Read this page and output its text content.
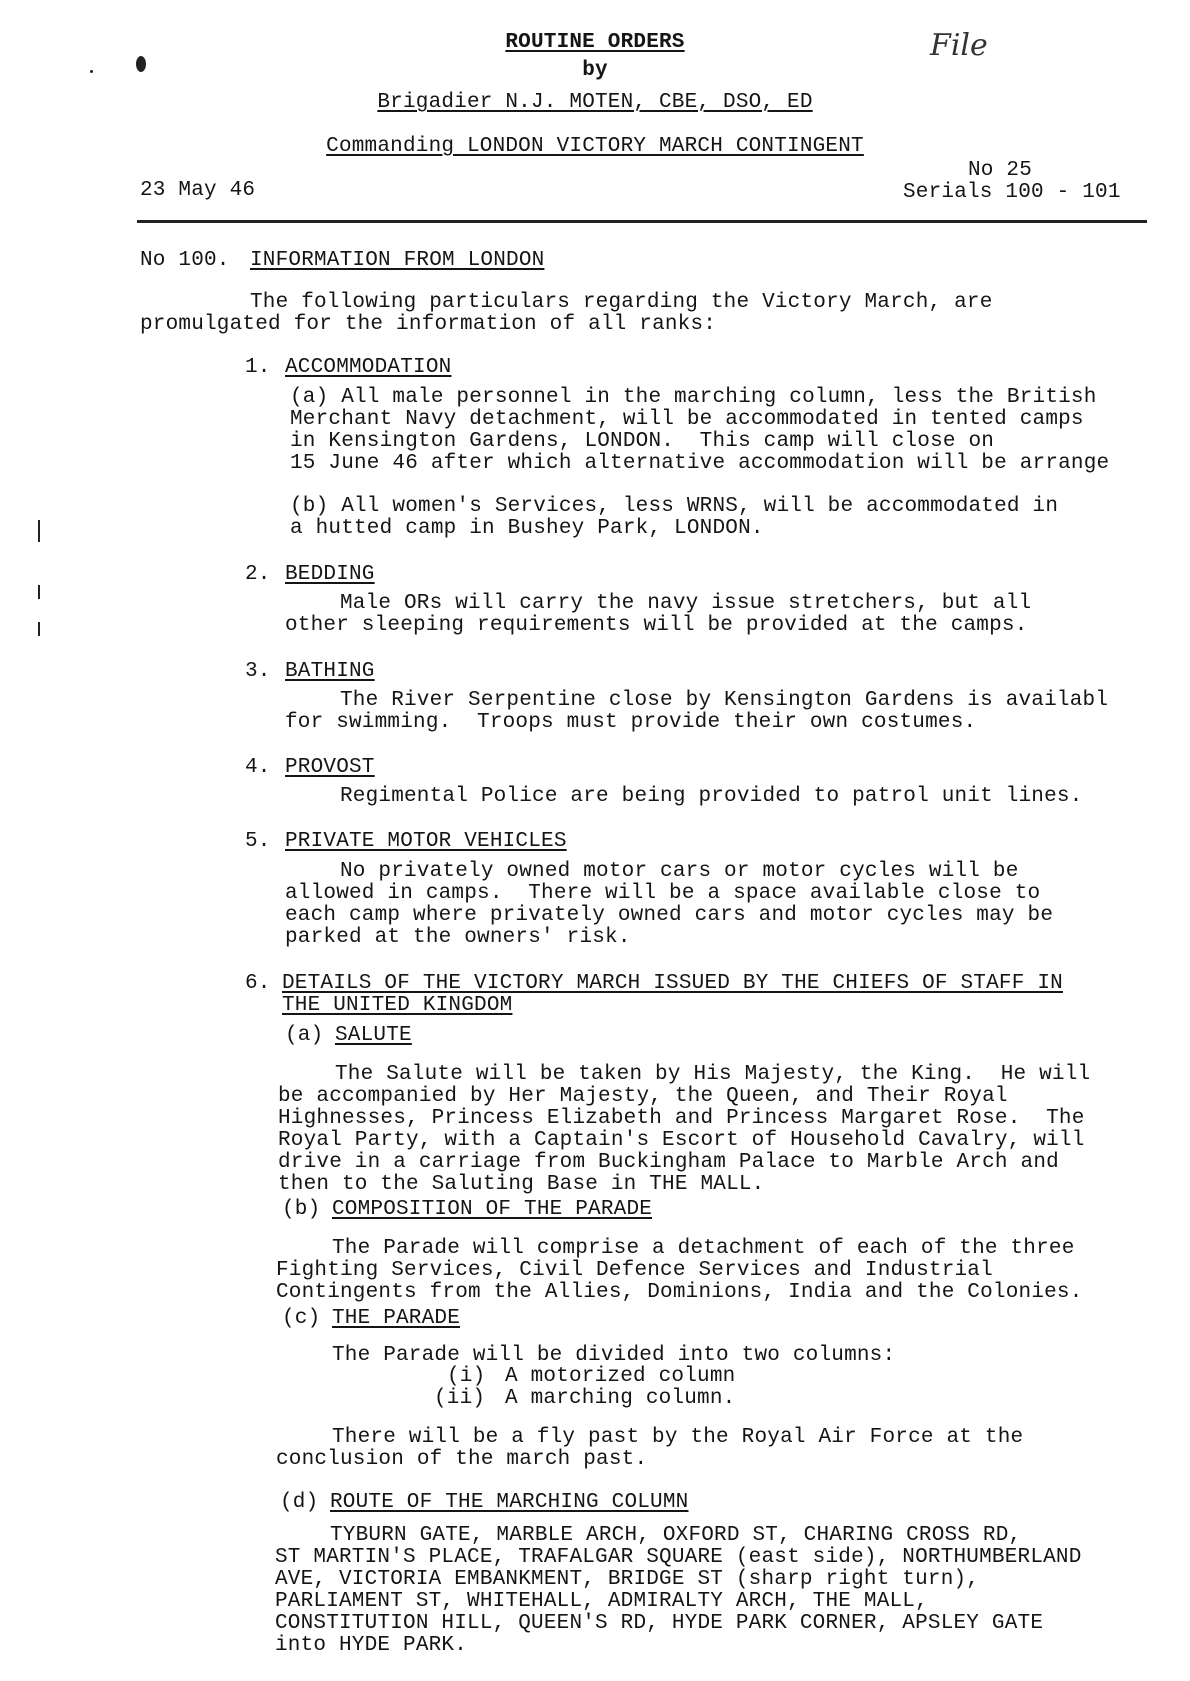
ROUTINE ORDERS
by
Brigadier N.J. MOTEN, CBE, DSO, ED
Commanding LONDON VICTORY MARCH CONTINGENT
File
23 May 46
No 25
Serials 100 - 101
No 100. INFORMATION FROM LONDON
The following particulars regarding the Victory March, are
promulgated for the information of all ranks:
1. ACCOMMODATION
(a) All male personnel in the marching column, less the British
Merchant Navy detachment, will be accommodated in tented camps
in Kensington Gardens, LONDON.  This camp will close on
15 June 46 after which alternative accommodation will be arrange
(b) All women's Services, less WRNS, will be accommodated in
a hutted camp in Bushey Park, LONDON.
2. BEDDING
Male ORs will carry the navy issue stretchers, but all
other sleeping requirements will be provided at the camps.
3. BATHING
The River Serpentine close by Kensington Gardens is availabl
for swimming.  Troops must provide their own costumes.
4. PROVOST
Regimental Police are being provided to patrol unit lines.
5. PRIVATE MOTOR VEHICLES
No privately owned motor cars or motor cycles will be
allowed in camps.  There will be a space available close to
each camp where privately owned cars and motor cycles may be
parked at the owners' risk.
6. DETAILS OF THE VICTORY MARCH ISSUED BY THE CHIEFS OF STAFF IN
THE UNITED KINGDOM
(a) SALUTE
The Salute will be taken by His Majesty, the King.  He will
be accompanied by Her Majesty, the Queen, and Their Royal
Highnesses, Princess Elizabeth and Princess Margaret Rose.  The
Royal Party, with a Captain's Escort of Household Cavalry, will
drive in a carriage from Buckingham Palace to Marble Arch and
then to the Saluting Base in THE MALL.
(b) COMPOSITION OF THE PARADE
The Parade will comprise a detachment of each of the three
Fighting Services, Civil Defence Services and Industrial
Contingents from the Allies, Dominions, India and the Colonies.
(c) THE PARADE
The Parade will be divided into two columns:
(i) A motorized column
(ii) A marching column.
There will be a fly past by the Royal Air Force at the
conclusion of the march past.
(d) ROUTE OF THE MARCHING COLUMN
TYBURN GATE, MARBLE ARCH, OXFORD ST, CHARING CROSS RD,
ST MARTIN'S PLACE, TRAFALGAR SQUARE (east side), NORTHUMBERLAND
AVE, VICTORIA EMBANKMENT, BRIDGE ST (sharp right turn),
PARLIAMENT ST, WHITEHALL, ADMIRALTY ARCH, THE MALL,
CONSTITUTION HILL, QUEEN'S RD, HYDE PARK CORNER, APSLEY GATE
into HYDE PARK.
